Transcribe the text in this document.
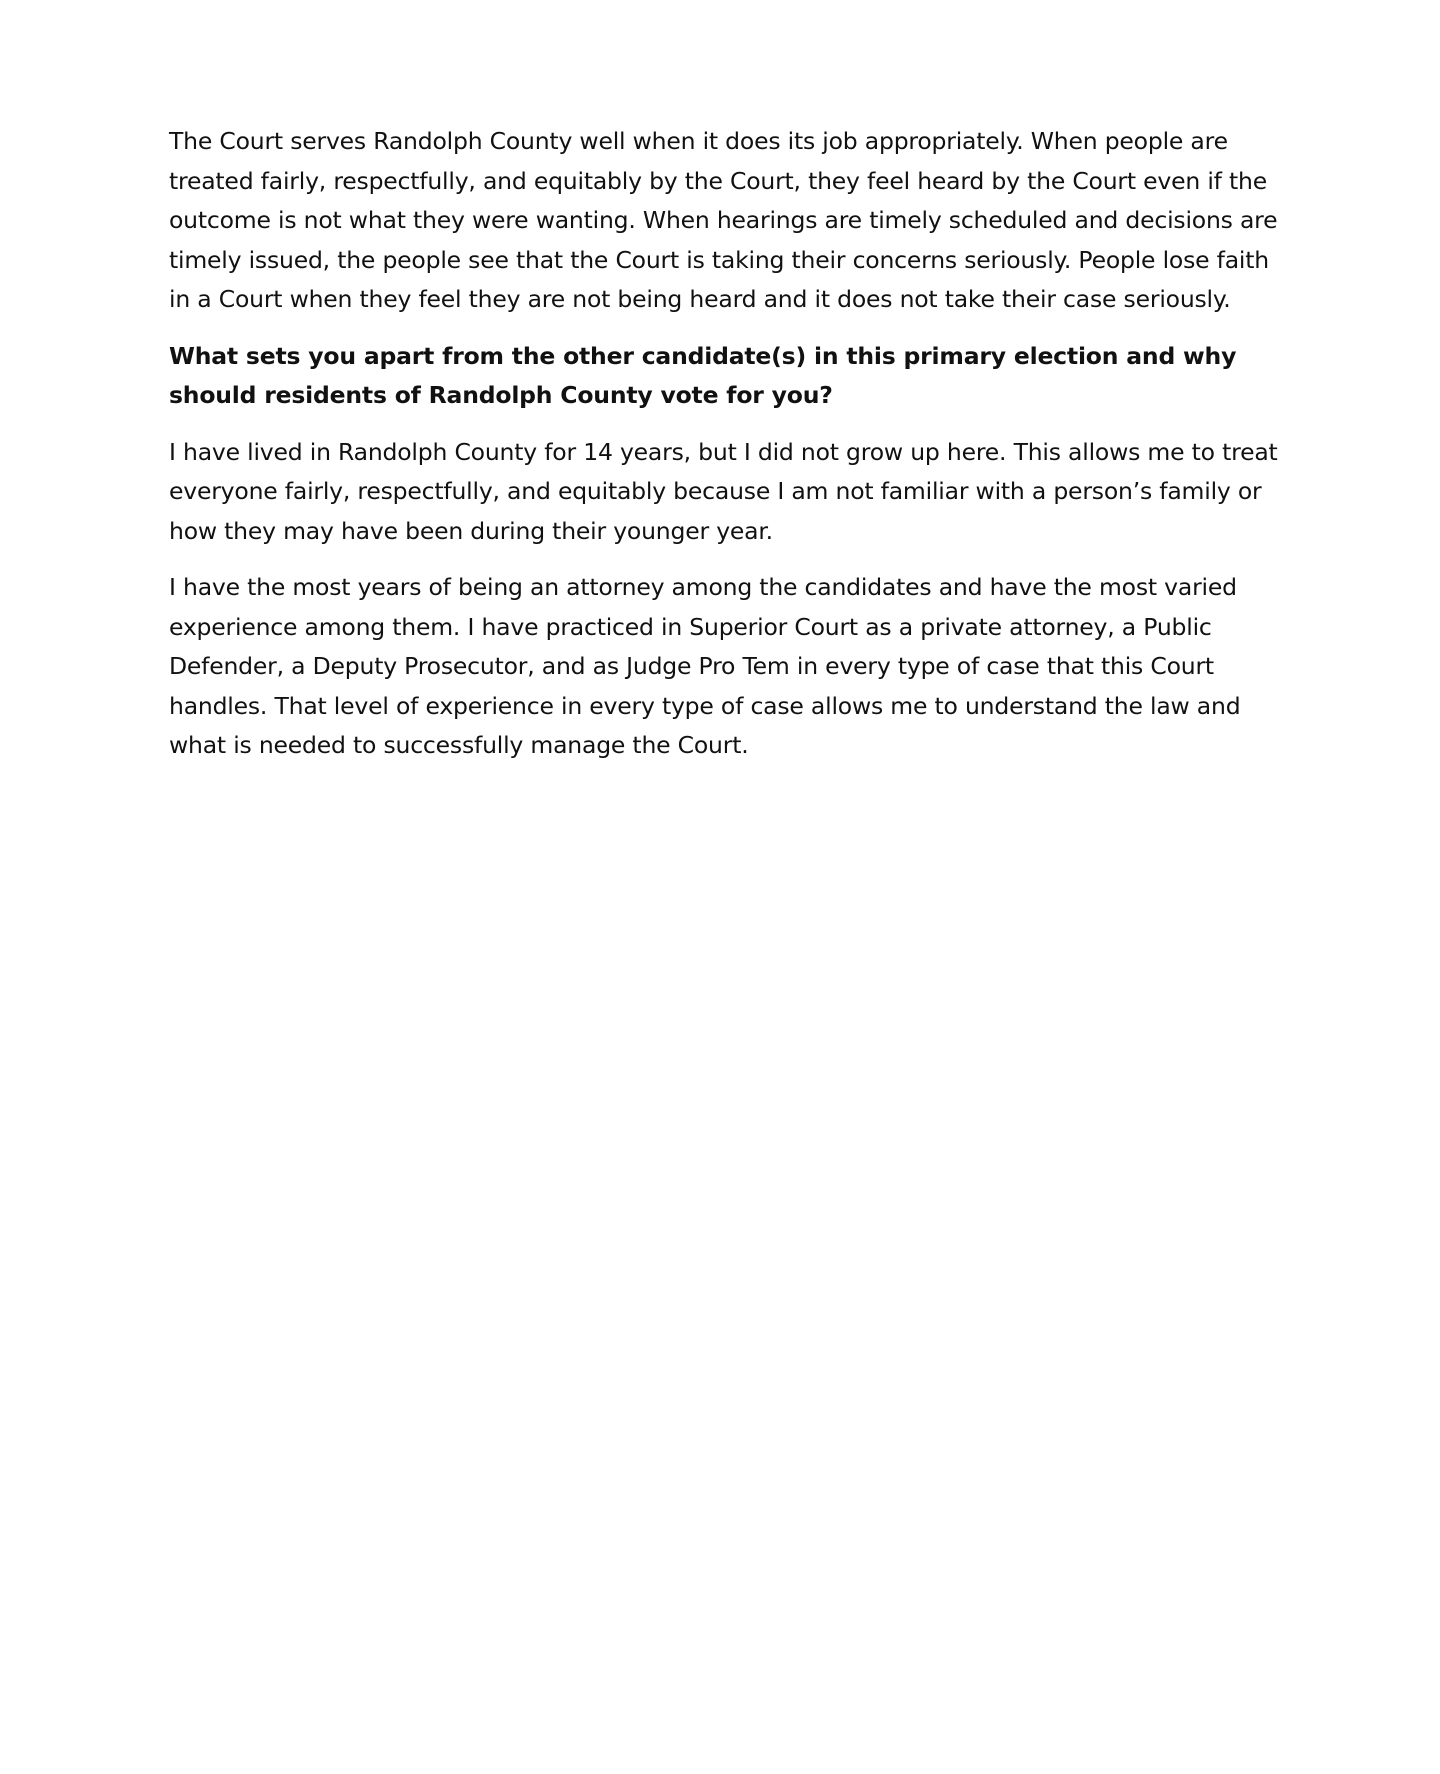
The Court serves Randolph County well when it does its job appropriately. When people are treated fairly, respectfully, and equitably by the Court, they feel heard by the Court even if the outcome is not what they were wanting. When hearings are timely scheduled and decisions are timely issued, the people see that the Court is taking their concerns seriously. People lose faith in a Court when they feel they are not being heard and it does not take their case seriously.

What sets you apart from the other candidate(s) in this primary election and why should residents of Randolph County vote for you?

I have lived in Randolph County for 14 years, but I did not grow up here. This allows me to treat everyone fairly, respectfully, and equitably because I am not familiar with a person’s family or how they may have been during their younger year.

I have the most years of being an attorney among the candidates and have the most varied experience among them. I have practiced in Superior Court as a private attorney, a Public Defender, a Deputy Prosecutor, and as Judge Pro Tem in every type of case that this Court handles. That level of experience in every type of case allows me to understand the law and what is needed to successfully manage the Court.
